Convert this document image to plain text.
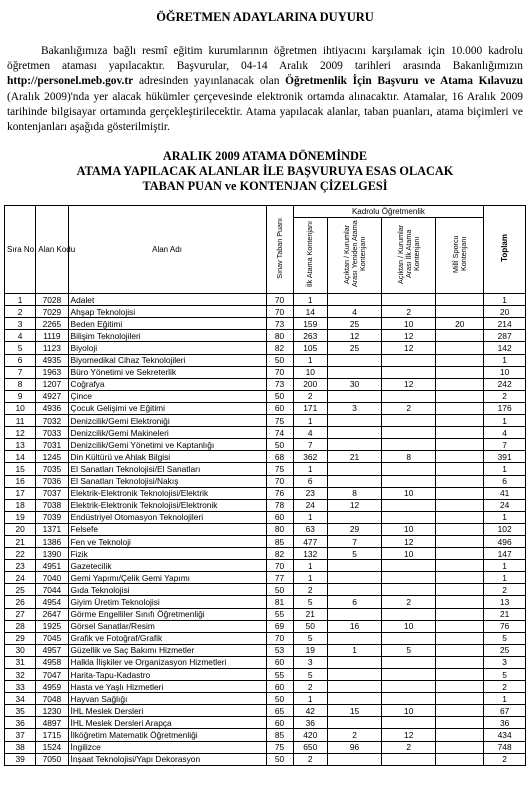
ÖĞRETMEN ADAYLARINA DUYURU
Bakanlığımıza bağlı resmî eğitim kurumlarının öğretmen ihtiyacını karşılamak için 10.000 kadrolu öğretmen ataması yapılacaktır. Başvurular, 04-14 Aralık 2009 tarihleri arasında Bakanlığımızın http://personel.meb.gov.tr adresinden yayınlanacak olan Öğretmenlik İçin Başvuru ve Atama Kılavuzu (Aralık 2009)'nda yer alacak hükümler çerçevesinde elektronik ortamda alınacaktır. Atamalar, 16 Aralık 2009 tarihinde bilgisayar ortamında gerçekleştirilecektir. Atama yapılacak alanlar, taban puanları, atama biçimleri ve kontenjanları aşağıda gösterilmiştir.
ARALIK 2009 ATAMA DÖNEMİNDE
ATAMA YAPILACAK ALANLAR İLE BAŞVURUYA ESAS OLACAK
TABAN PUAN ve KONTENJAN ÇİZELGESİ
Sıra No	Alan Kodu	Alan Adı	Sınav Taban Puanı	Kadrolu Öğretmenlik				Toplam
				İlk Atama Kontenjanı	Açıktan / Kurumlar Arası Yeniden Atama Kontenjanı	Açıktan / Kurumlar Arası İlk Atama Kontenjanı	Millî Sporcu Kontenjanı	
1	7028	Adalet	70	1				1
2	7029	Ahşap Teknolojisi	70	14	4	2		20
3	2265	Beden Eğitimi	73	159	25	10	20	214
4	1119	Bilişim Teknolojileri	80	263	12	12		287
5	1123	Biyoloji	82	105	25	12		142
6	4935	Biyomedikal Cihaz Teknolojileri	50	1				1
7	1963	Büro Yönetimi ve Sekreterlik	70	10				10
8	1207	Coğrafya	73	200	30	12		242
9	4927	Çince	50	2				2
10	4936	Çocuk Gelişimi ve Eğitimi	60	171	3	2		176
11	7032	Denizcilik/Gemi Elektroniği	75	1				1
12	7033	Denizcilik/Gemi Makineleri	74	4				4
13	7031	Denizcilik/Gemi Yönetimi ve Kaptanlığı	50	7				7
14	1245	Din Kültürü ve Ahlak Bilgisi	68	362	21	8		391
15	7035	El Sanatları Teknolojisi/El Sanatları	75	1				1
16	7036	El Sanatları Teknolojisi/Nakış	70	6				6
17	7037	Elektrik-Elektronik Teknolojisi/Elektrik	76	23	8	10		41
18	7038	Elektrik-Elektronik Teknolojisi/Elektronik	78	24	12			24
19	7039	Endüstriyel Otomasyon Teknolojileri	60	1				1
20	1371	Felsefe	80	63	29	10		102
21	1386	Fen ve Teknoloji	85	477	7	12		496
22	1390	Fizik	82	132	5	10		147
23	4951	Gazetecilik	70	1				1
24	7040	Gemi Yapımı/Çelik Gemi Yapımı	77	1				1
25	7044	Gıda Teknolojisi	50	2				2
26	4954	Giyim Üretim Teknolojisi	81	5	6	2		13
27	2647	Görme Engelliler Sınıfı Öğretmenliği	55	21				21
28	1925	Görsel Sanatlar/Resim	69	50	16	10		76
29	7045	Grafik ve Fotoğraf/Grafik	70	5				5
30	4957	Güzellik ve Saç Bakımı Hizmetler	53	19	1	5		25
31	4958	Halkla İlişkiler ve Organizasyon Hizmetleri	60	3				3
32	7047	Harita-Tapu-Kadastro	55	5				5
33	4959	Hasta ve Yaşlı Hizmetleri	60	2				2
34	7048	Hayvan Sağlığı	50	1				1
35	1230	İHL Meslek Dersleri	65	42	15	10		67
36	4897	İHL Meslek Dersleri Arapça	60	36				36
37	1715	İlköğretim Matematik Öğretmenliği	85	420	2	12		434
38	1524	İngilizce	75	650	96	2		748
39	7050	İnşaat Teknolojisi/Yapı Dekorasyon	50	2				2
